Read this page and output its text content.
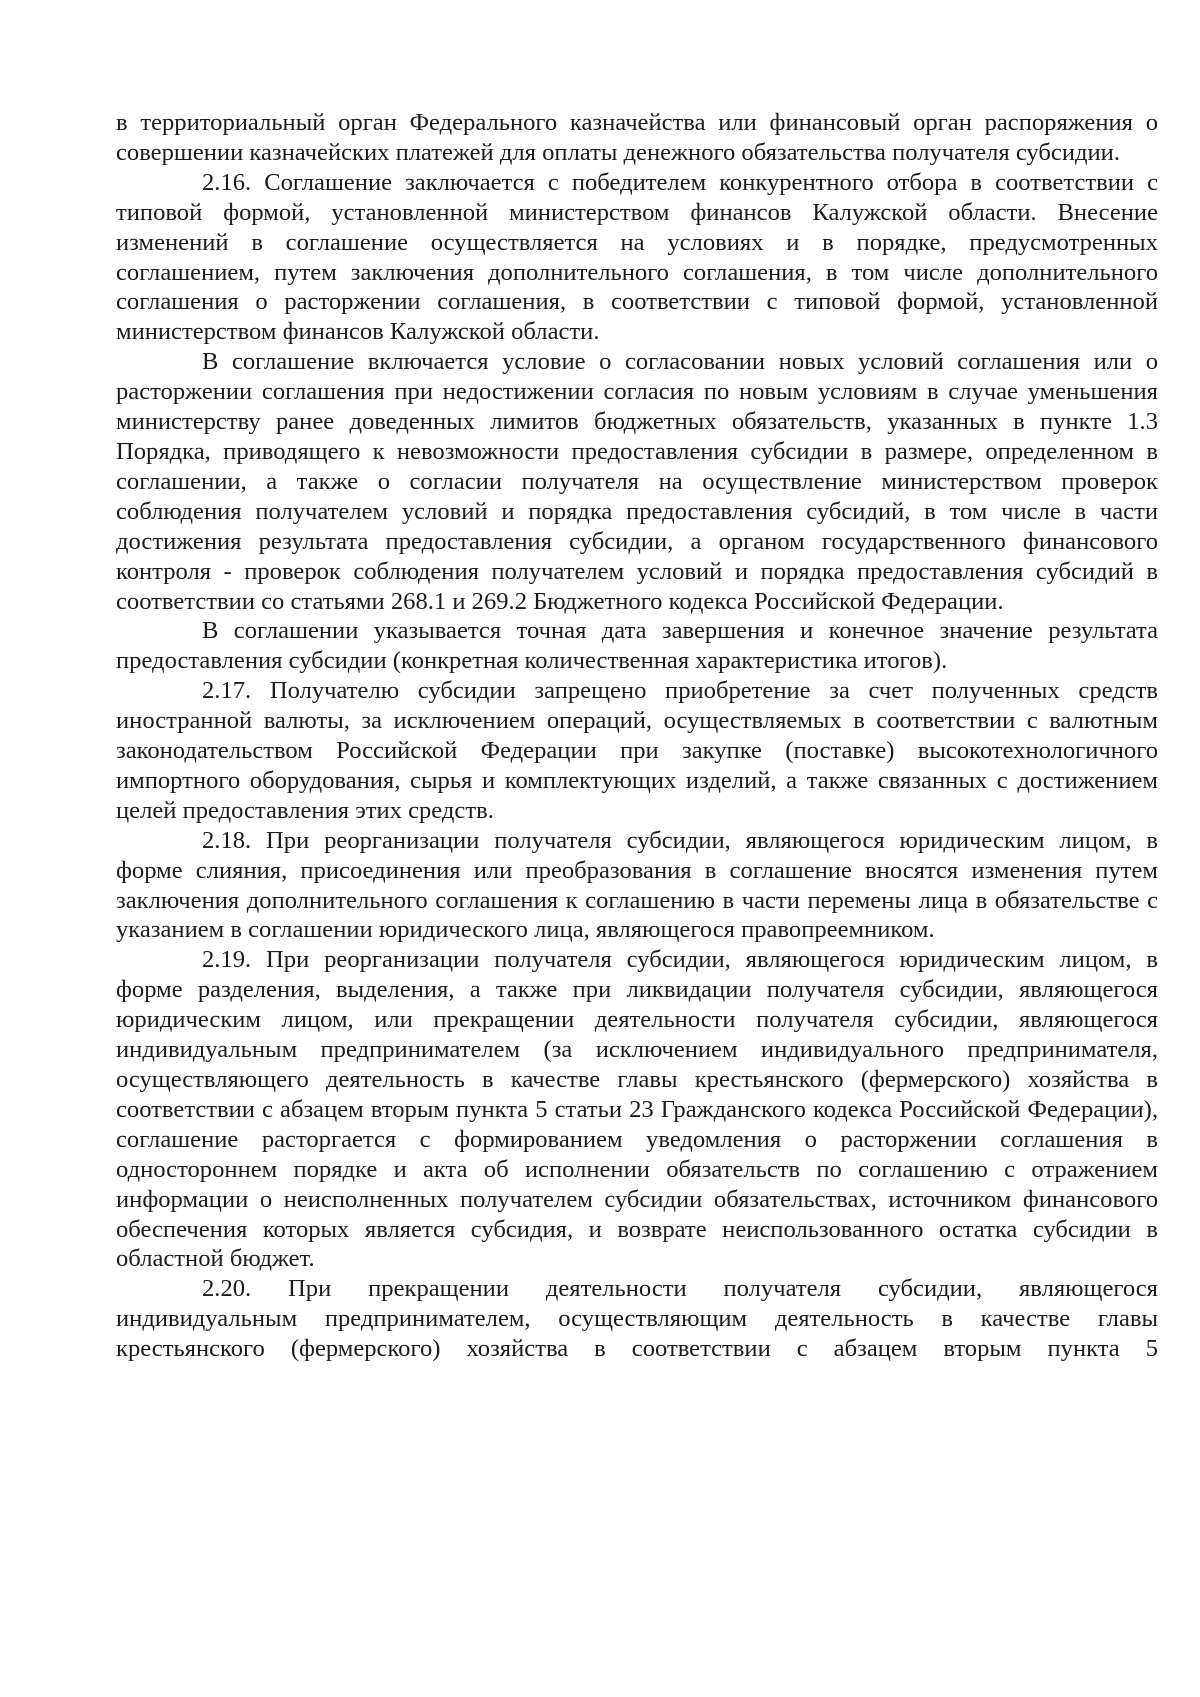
в территориальный орган Федерального казначейства или финансовый орган распоряжения о совершении казначейских платежей для оплаты денежного обязательства получателя субсидии.

2.16. Соглашение заключается с победителем конкурентного отбора в соответствии с типовой формой, установленной министерством финансов Калужской области. Внесение изменений в соглашение осуществляется на условиях и в порядке, предусмотренных соглашением, путем заключения дополнительного соглашения, в том числе дополнительного соглашения о расторжении соглашения, в соответствии с типовой формой, установленной министерством финансов Калужской области.

В соглашение включается условие о согласовании новых условий соглашения или о расторжении соглашения при недостижении согласия по новым условиям в случае уменьшения министерству ранее доведенных лимитов бюджетных обязательств, указанных в пункте 1.3 Порядка, приводящего к невозможности предоставления субсидии в размере, определенном в соглашении, а также о согласии получателя на осуществление министерством проверок соблюдения получателем условий и порядка предоставления субсидий, в том числе в части достижения результата предоставления субсидии, а органом государственного финансового контроля - проверок соблюдения получателем условий и порядка предоставления субсидий в соответствии со статьями 268.1 и 269.2 Бюджетного кодекса Российской Федерации.

В соглашении указывается точная дата завершения и конечное значение результата предоставления субсидии (конкретная количественная характеристика итогов).

2.17. Получателю субсидии запрещено приобретение за счет полученных средств иностранной валюты, за исключением операций, осуществляемых в соответствии с валютным законодательством Российской Федерации при закупке (поставке) высокотехнологичного импортного оборудования, сырья и комплектующих изделий, а также связанных с достижением целей предоставления этих средств.

2.18. При реорганизации получателя субсидии, являющегося юридическим лицом, в форме слияния, присоединения или преобразования в соглашение вносятся изменения путем заключения дополнительного соглашения к соглашению в части перемены лица в обязательстве с указанием в соглашении юридического лица, являющегося правопреемником.

2.19. При реорганизации получателя субсидии, являющегося юридическим лицом, в форме разделения, выделения, а также при ликвидации получателя субсидии, являющегося юридическим лицом, или прекращении деятельности получателя субсидии, являющегося индивидуальным предпринимателем (за исключением индивидуального предпринимателя, осуществляющего деятельность в качестве главы крестьянского (фермерского) хозяйства в соответствии с абзацем вторым пункта 5 статьи 23 Гражданского кодекса Российской Федерации), соглашение расторгается с формированием уведомления о расторжении соглашения в одностороннем порядке и акта об исполнении обязательств по соглашению с отражением информации о неисполненных получателем субсидии обязательствах, источником финансового обеспечения которых является субсидия, и возврате неиспользованного остатка субсидии в областной бюджет.

2.20. При прекращении деятельности получателя субсидии, являющегося индивидуальным предпринимателем, осуществляющим деятельность в качестве главы крестьянского (фермерского) хозяйства в соответствии с абзацем вторым пункта 5
